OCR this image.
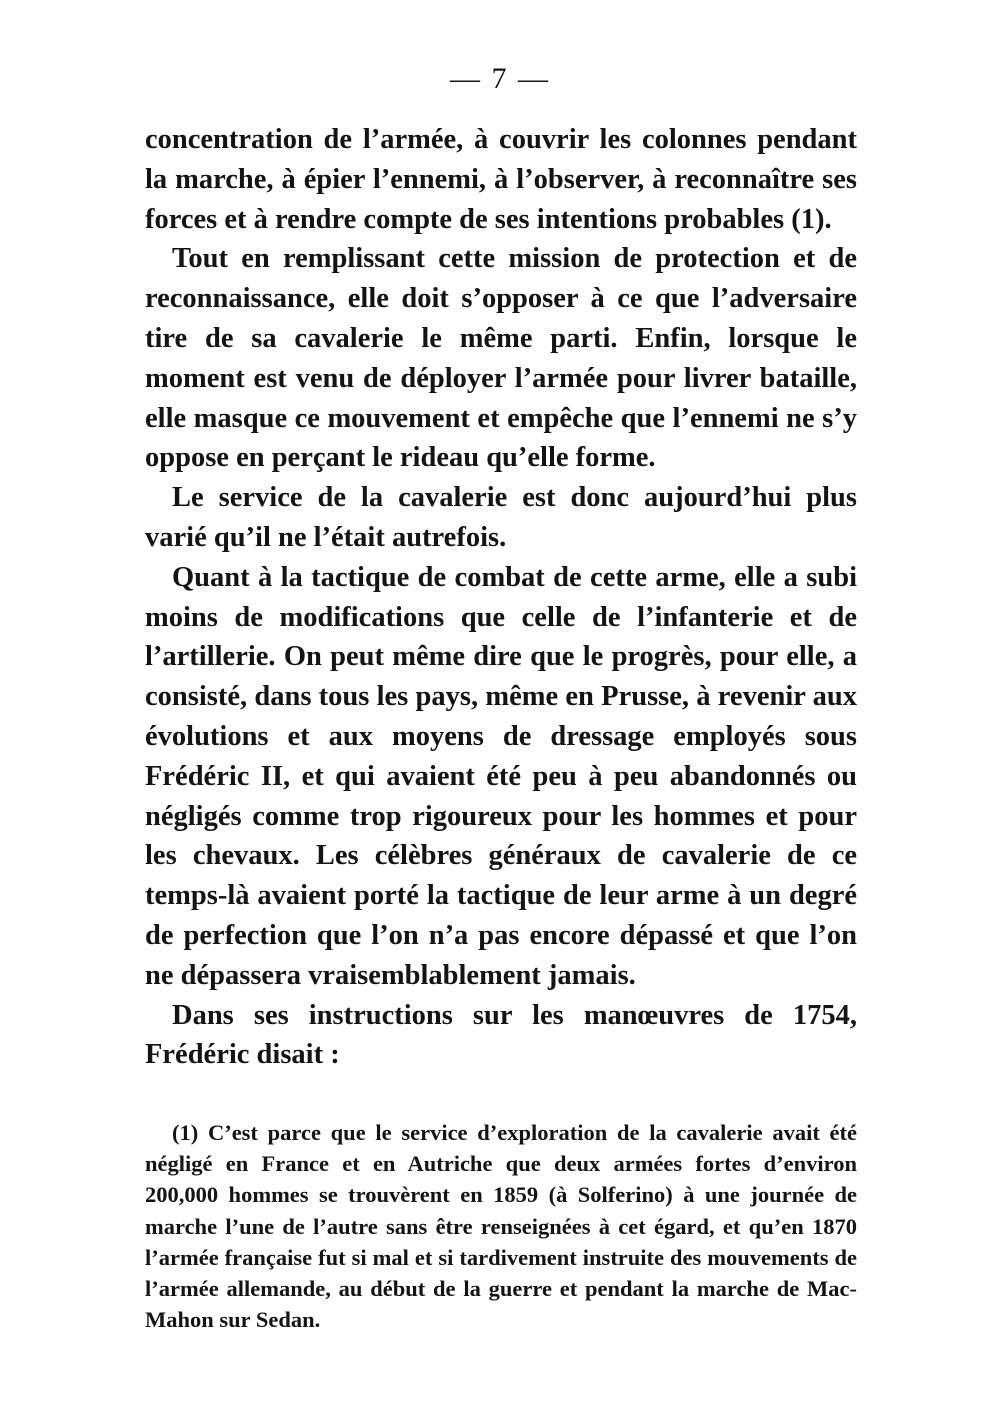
— 7 —

concentration de l’armée, à couvrir les colonnes pendant la marche, à épier l’ennemi, à l’observer, à reconnaître ses forces et à rendre compte de ses intentions probables (1).

Tout en remplissant cette mission de protection et de reconnaissance, elle doit s’opposer à ce que l’adversaire tire de sa cavalerie le même parti. Enfin, lorsque le moment est venu de déployer l’armée pour livrer bataille, elle masque ce mouvement et empêche que l’ennemi ne s’y oppose en perçant le rideau qu’elle forme.

Le service de la cavalerie est donc aujourd’hui plus varié qu’il ne l’était autrefois.

Quant à la tactique de combat de cette arme, elle a subi moins de modifications que celle de l’infanterie et de l’artillerie. On peut même dire que le progrès, pour elle, a consisté, dans tous les pays, même en Prusse, à revenir aux évolutions et aux moyens de dressage employés sous Frédéric II, et qui avaient été peu à peu abandonnés ou négligés comme trop rigoureux pour les hommes et pour les chevaux. Les célèbres généraux de cavalerie de ce temps-là avaient porté la tactique de leur arme à un degré de perfection que l’on n’a pas encore dépassé et que l’on ne dépassera vraisemblablement jamais.

Dans ses instructions sur les manœuvres de 1754, Frédéric disait :

(1) C’est parce que le service d’exploration de la cavalerie avait été négligé en France et en Autriche que deux armées fortes d’environ 200,000 hommes se trouvèrent en 1859 (à Solferino) à une journée de marche l’une de l’autre sans être renseignées à cet égard, et qu’en 1870 l’armée française fut si mal et si tardivement instruite des mouvements de l’armée allemande, au début de la guerre et pendant la marche de Mac-Mahon sur Sedan.
